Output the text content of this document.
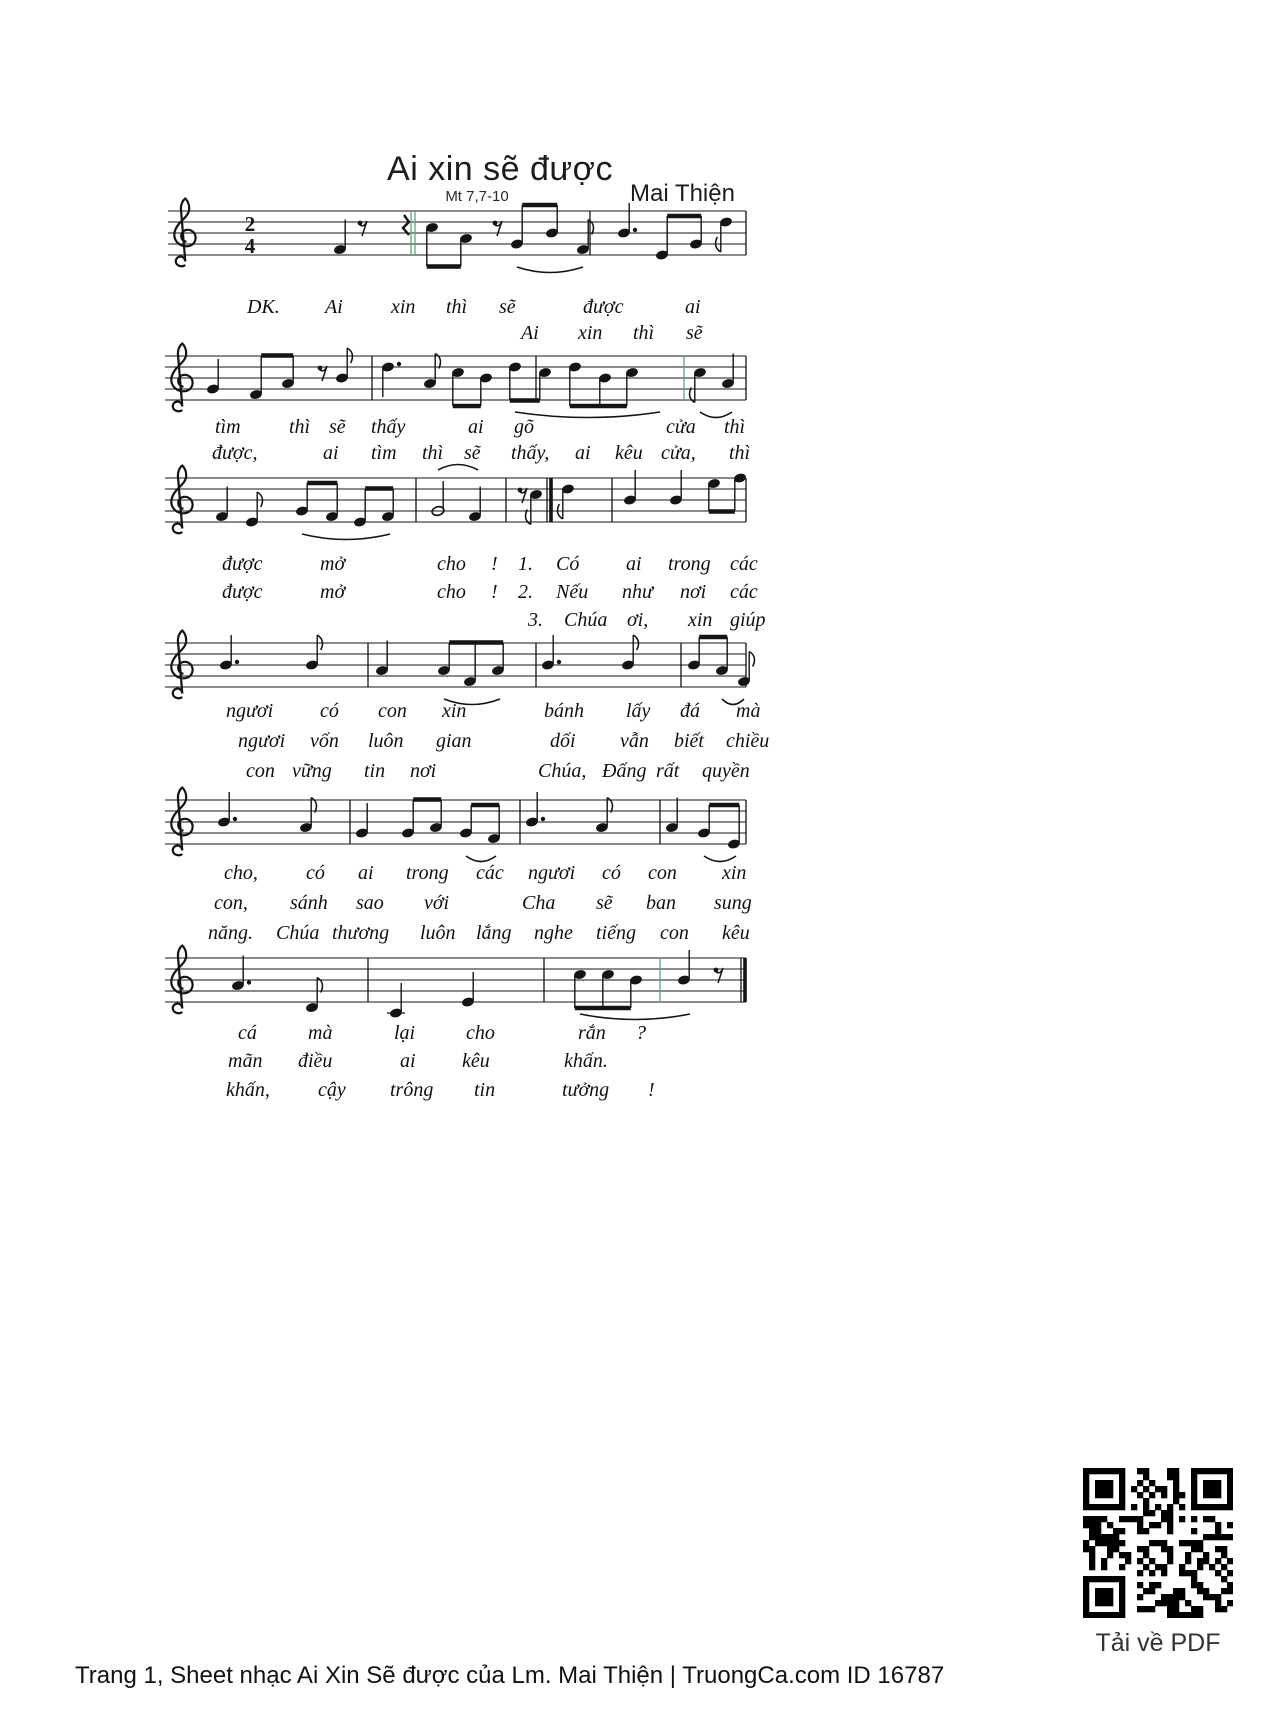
Ai xin sẽ được
Mt 7,7-10	Mai Thiện
2
4
DK. Ai xin thì sẽ	được	ai
Ai xin thì sẽ
tìm thì sẽ thấy	ai gõ	cửa thì
được,	ai tìm thì sẽ thấy, ai kêu cửa, thì
được	mở	cho ! 1. Có ai trong các
được	mở	cho ! 2. Nếu như nơi các
3. Chúa ơi, xin giúp
ngươi có con xin	bánh lấy đá mà
ngươi vốn luôn gian	dối vẫn biết chiều
con vững tin nơi	Chúa, Đấng rất quyền
cho, có ai trong các ngươi có con xin
con, sánh sao với	Cha sẽ ban sung
năng. Chúa thương luôn lắng nghe tiếng con kêu
cá	mà	lại	cho	rắn ?
mãn điều	ai kêu	khấn.
khấn, cậy trông tin	tưởng !
Tải về PDF
Trang 1, Sheet nhạc Ai Xin Sẽ được của Lm. Mai Thiện | TruongCa.com ID 16787
